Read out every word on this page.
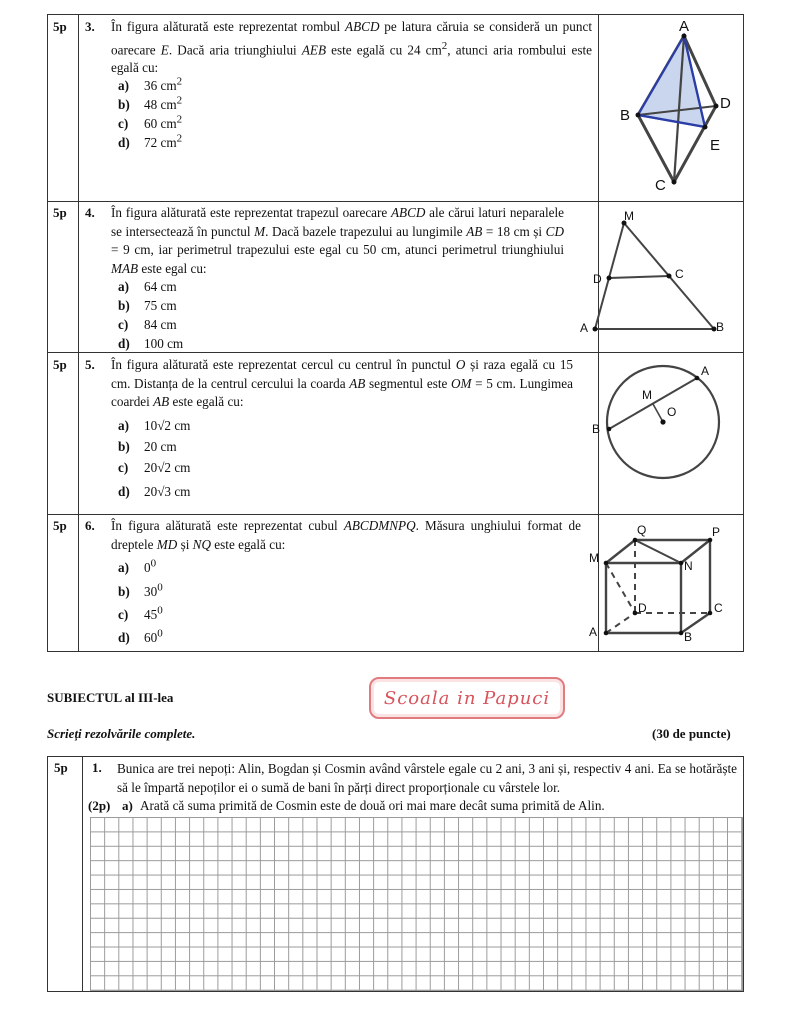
5p 3. În figura alăturată este reprezentat rombul ABCD pe latura căruia se consideră un punct oarecare E. Dacă aria triunghiului AEB este egală cu 24 $cm^2$, atunci aria rombului este egală cu:
a) 36 $cm^2$
b) 48 $cm^2$
c) 60 $cm^2$
d) 72 $cm^2$
A
B
C
D
E
5p 4. În figura alăturată este reprezentat trapezul oarecare ABCD ale cărui laturi neparalele se intersectează în punctul M. Dacă bazele trapezului au lungimile AB = 18 cm și CD = 9 cm, iar perimetrul trapezului este egal cu 50 cm, atunci perimetrul triunghiului MAB este egal cu:
a) 64 cm
b) 75 cm
c) 84 cm
d) 100 cm
M
D	C
A	B
5p 5. În figura alăturată este reprezentat cercul cu centrul în punctul O și raza egală cu 15 cm. Distanța de la centrul cercului la coarda AB segmentul este OM = 5 cm. Lungimea coardei AB este egală cu:
a) 10√2 cm
b) 20 cm
c) 20√2 cm
d) 20√3 cm
A
B
M
O
5p 6. În figura alăturată este reprezentat cubul ABCDMNPQ. Măsura unghiului format de dreptele MD și NQ este egală cu:
a) $0^0$
b) $30^0$
c) $45^0$
d) $60^0$
Q	P
M
N
D	C
A	B
SUBIECTUL al III-lea	Scoala in Papuci
Scrieți rezolvările complete.	(30 de puncte)
5p 1. Bunica are trei nepoți: Alin, Bogdan și Cosmin având vârstele egale cu 2 ani, 3 ani și, respectiv 4 ani. Ea se hotărăște să le împartă nepoților ei o sumă de bani în părți direct proporționale cu vârstele lor.
(2p) a) Arată că suma primită de Cosmin este de două ori mai mare decât suma primită de Alin.
